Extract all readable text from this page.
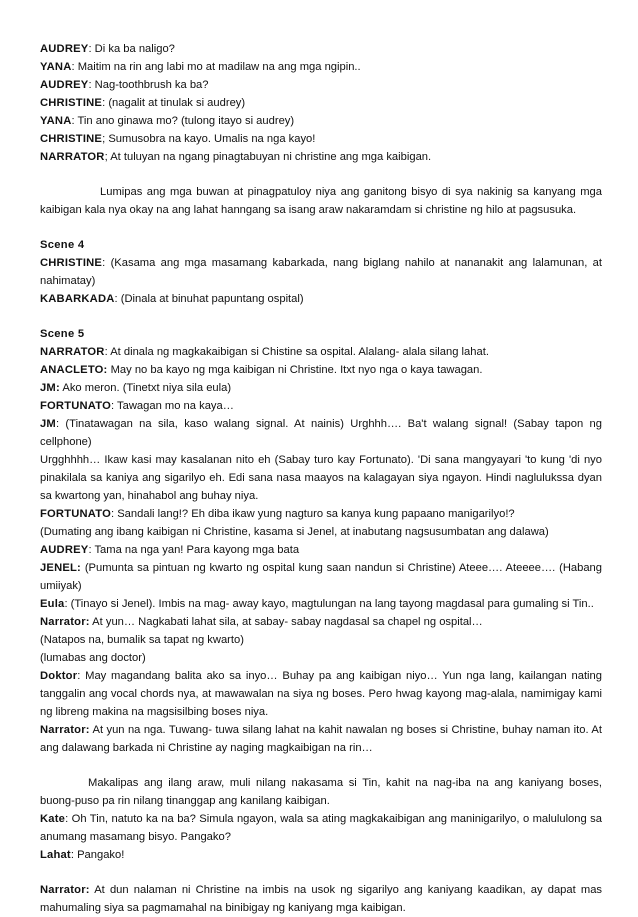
AUDREY: Di ka ba naligo?
YANA: Maitim na rin ang labi mo at madilaw na ang mga ngipin..
AUDREY: Nag-toothbrush ka ba?
CHRISTINE: (nagalit at tinulak si audrey)
YANA: Tin ano ginawa mo? (tulong itayo si audrey)
CHRISTINE; Sumusobra na kayo. Umalis na nga kayo!
NARRATOR; At tuluyan na ngang pinagtabuyan ni christine ang mga kaibigan.
Lumipas ang mga buwan at pinagpatuloy niya ang ganitong bisyo di sya nakinig sa kanyang mga kaibigan kala nya okay na ang lahat hanngang sa isang araw nakaramdam si christine ng hilo at pagsusuka.
Scene 4
CHRISTINE: (Kasama ang mga masamang kabarkada, nang biglang nahilo at nananakit ang lalamunan, at nahimatay)
KABARKADA: (Dinala at binuhat papuntang ospital)
Scene 5
NARRATOR: At dinala ng magkakaibigan si Chistine sa ospital. Alalang- alala silang lahat.
ANACLETO: May no ba kayo ng mga kaibigan ni Christine. Itxt nyo nga o kaya tawagan.
JM: Ako meron. (Tinetxt niya sila eula)
FORTUNATO: Tawagan mo na kaya…
JM: (Tinatawagan na sila, kaso walang signal. At nainis) Urghhh…. Ba't walang signal! (Sabay tapon ng cellphone)
Urgghhhh… Ikaw kasi may kasalanan nito eh (Sabay turo kay Fortunato). 'Di sana mangyayari 'to kung 'di nyo pinakilala sa kaniya ang sigarilyo eh. Edi sana nasa maayos na kalagayan siya ngayon. Hindi naglulukssa dyan sa kwartong yan, hinahabol ang buhay niya.
FORTUNATO: Sandali lang!? Eh diba ikaw yung nagturo sa kanya kung papaano manigarilyo!?
(Dumating ang ibang kaibigan ni Christine, kasama si Jenel, at inabutang nagsusumbatan ang dalawa)
AUDREY: Tama na nga yan! Para kayong mga bata
JENEL: (Pumunta sa pintuan ng kwarto ng ospital kung saan nandun si Christine) Ateee…. Ateeee…. (Habang umiiyak)
Eula: (Tinayo si Jenel). Imbis na mag- away kayo, magtulungan na lang tayong magdasal para gumaling si Tin..
Narrator: At yun… Nagkabati lahat sila, at sabay- sabay nagdasal sa chapel ng ospital…
(Natapos na, bumalik sa tapat ng kwarto)
(lumabas ang doctor)
Doktor: May magandang balita ako sa inyo… Buhay pa ang kaibigan niyo… Yun nga lang, kailangan nating tanggalin ang vocal chords nya, at mawawalan na siya ng boses. Pero hwag kayong mag-alala, namimigay kami ng libreng makina na magsisilbing boses niya.
Narrator: At yun na nga. Tuwang- tuwa silang lahat na kahit nawalan ng boses si Christine, buhay naman ito. At ang dalawang barkada ni Christine ay naging magkaibigan na rin…
Makalipas ang ilang araw, muli nilang nakasama si Tin, kahit na nag-iba na ang kaniyang boses, buong-puso pa rin nilang tinanggap ang kanilang kaibigan.
Kate: Oh Tin, natuto ka na ba? Simula ngayon, wala sa ating magkakaibigan ang maninigarilyo, o malululong sa anumang masamang bisyo. Pangako?
Lahat: Pangako!
Narrator: At dun nalaman ni Christine na imbis na usok ng sigarilyo ang kaniyang kaadikan, ay dapat mas mahumaling siya sa pagmamahal na binibigay ng kaniyang mga kaibigan.
